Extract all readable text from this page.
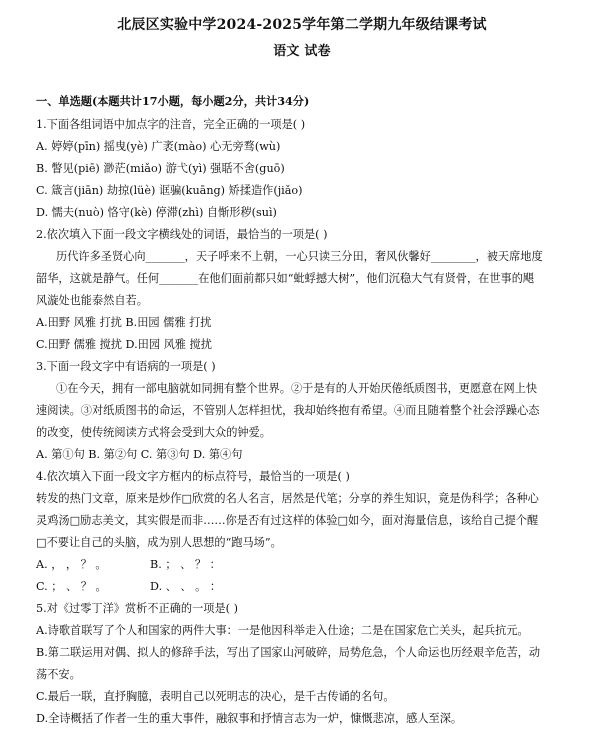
北辰区实验中学2024-2025学年第二学期九年级结课考试
语文 试卷
一、单选题(本题共计17小题，每小题2分，共计34分)
1.下面各组词语中加点字的注音，完全正确的一项是( )
A. 婷婷(pīn) 摇曳(yè) 广袤(mào) 心无旁骛(wù)
B. 瞥见(piē) 渺茫(miǎo) 游弋(yì) 强聒不舍(guō)
C. 箴言(jiān) 劫掠(lüè) 诓骗(kuāng) 矫揉造作(jiǎo)
D. 懦夫(nuò) 恪守(kè) 停滞(zhì) 自惭形秽(suì)
2.依次填入下面一段文字横线处的词语，最恰当的一项是( )
历代许多圣贤心向_______，天子呼来不上朝，一心只读三分田，奢风伙馨好________，被天席地度
韶华，这就是静气。任何_______在他们面前都只如“蚍蜉撼大树”，他们沉稳大气有贤骨，在世事的飓
风漩处也能泰然自若。
A.田野 风雅 打扰 B.田园 儒雅 打扰
C.田野 儒雅 搅扰 D.田园 风雅 搅扰
3.下面一段文字中有语病的一项是( )
①在今天，拥有一部电脑就如同拥有整个世界。②于是有的人开始厌倦纸质图书，更愿意在网上快
速阅读。③对纸质图书的命运，不管别人怎样担忧，我却始终抱有希望。④而且随着整个社会浮躁心态
的改变，使传统阅读方式将会受到大众的钟爱。
A. 第①句 B. 第②句 C. 第③句 D. 第④句
4.依次填入下面一段文字方框内的标点符号，最恰当的一项是( )
转发的热门文章，原来是炒作□欣赏的名人名言，居然是代笔；分享的养生知识，竟是伪科学；各种心
灵鸡汤□励志美文，其实假是而非……你是否有过这样的体验□如今，面对海量信息，该给自己提个醒
□不要让自己的头脑，成为别人思想的“跑马场”。
A. ， ， ？ 。	B. ； 、 ？ ：
C. ； 、 ？ 。	D. 、 、 。 ：
5.对《过零丁洋》赏析不正确的一项是( )
A.诗歌首联写了个人和国家的两件大事：一是他因科举走入仕途；二是在国家危亡关头，起兵抗元。
B.第二联运用对偶、拟人的修辞手法，写出了国家山河破碎，局势危急，个人命运也历经艰辛危苦，动
荡不安。
C.最后一联，直抒胸臆，表明自己以死明志的决心，是千古传诵的名句。
D.全诗概括了作者一生的重大事件，融叙事和抒情言志为一炉，慷慨悲凉，感人至深。
